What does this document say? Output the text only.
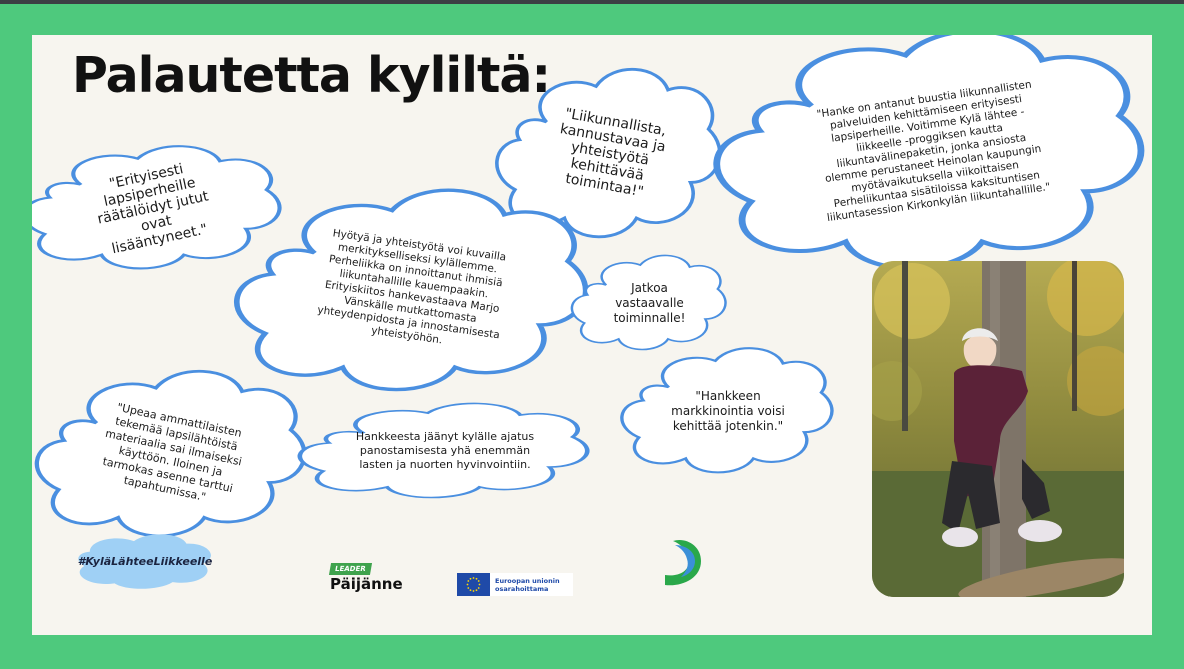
Palautetta kyliltä:
"Erityisesti lapsiperheille räätälöidyt jutut ovat lisääntyneet."
"Liikunnallista, kannustavaa ja yhteistyötä kehittävää toimintaa!"
"Hanke on antanut buustia liikunnallisten palveluiden kehittämiseen erityisesti lapsiperheille. Voitimme Kylä lähtee -liikkeelle -proggiksen kautta liikuntavälinepaketin, jonka ansiosta olemme perustaneet Heinolan kaupungin myötävaikutuksella viikoittaisen Perheliikuntaa sisätiloissa kaksituntisen liikuntasession Kirkonkylän liikuntahallille."
Hyötyä ja yhteistyötä voi kuvailla merkitykselliseksi kylällemme. Perheliikka on innoittanut ihmisiä liikuntahallille kauempaakin. Erityiskiitos hankevastaava Marjo Vänskälle mutkattomasta yhteydenpidosta ja innostamisesta yhteistyöhön.
Jatkoa vastaavalle toiminnalle!
"Hankkeen markkinointia voisi kehittää jotenkin."
"Upeaa ammattilaisten tekemää lapsilähtöistä materiaalia sai ilmaiseksi käyttöön. Iloinen ja tarmokas asenne tarttui tapahtumissa."
Hankkeesta jäänyt kylälle ajatus panostamisesta yhä enemmän lasten ja nuorten hyvinvointiin.
#KyläLähteeLiikkeelle
LEADER
Päijänne	Euroopan unionin
osarahoittama
